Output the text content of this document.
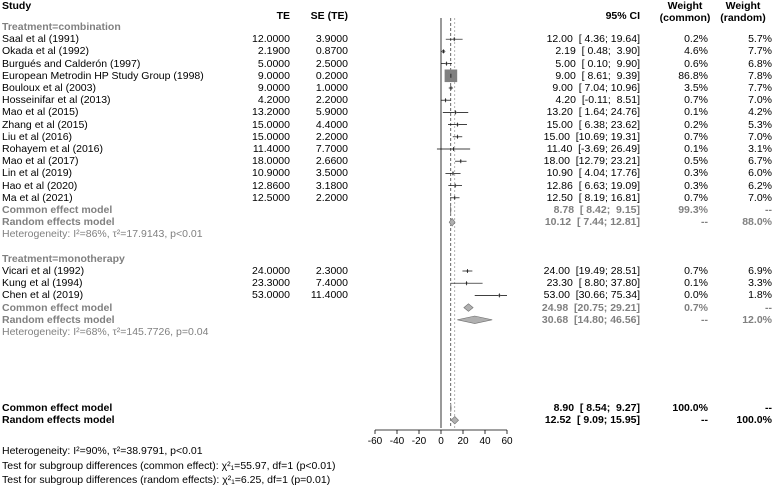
Study
TE	SE (TE)	95% CI
Weight
(common)
Weight
(random)
-60 -40 -20 0 20 40 60
Treatment=combination
Saal et al (1991)	12.0000	3.9000	12.00  [ 4.36; 19.64]	0.2%	5.7%
Okada et al (1992)	2.1900	0.8700	2.19  [ 0.48;  3.90]	4.6%	7.7%
Burgués and Calderón (1997)	5.0000	2.5000	5.00  [ 0.10;  9.90]	0.6%	6.8%
European Metrodin HP Study Group (1998)	9.0000	0.2000	9.00  [ 8.61;  9.39]	86.8%	7.8%
Bouloux et al (2003)	9.0000	1.0000	9.00  [ 7.04; 10.96]	3.5%	7.7%
Hosseinifar et al (2013)	4.2000	2.2000	4.20  [-0.11;  8.51]	0.7%	7.0%
Mao et al (2015)	13.2000	5.9000	13.20  [ 1.64; 24.76]	0.1%	4.2%
Zhang et al (2015)	15.0000	4.4000	15.00  [ 6.38; 23.62]	0.2%	5.3%
Liu et al (2016)	15.0000	2.2000	15.00  [10.69; 19.31]	0.7%	7.0%
Rohayem et al (2016)	11.4000	7.7000	11.40  [-3.69; 26.49]	0.1%	3.1%
Mao et al (2017)	18.0000	2.6600	18.00  [12.79; 23.21]	0.5%	6.7%
Lin et al (2019)	10.9000	3.5000	10.90  [ 4.04; 17.76]	0.3%	6.0%
Hao et al (2020)	12.8600	3.1800	12.86  [ 6.63; 19.09]	0.3%	6.2%
Ma et al (2021)	12.5000	2.2000	12.50  [ 8.19; 16.81]	0.7%	7.0%
Common effect model	8.78  [ 8.42;  9.15]	99.3%	--
Random effects model	10.12  [ 7.44; 12.81]	--	88.0%
Heterogeneity: I²=86%, τ²=17.9143, p<0.01
Treatment=monotherapy
Vicari et al (1992)	24.0000	2.3000	24.00  [19.49; 28.51]	0.7%	6.9%
Kung et al (1994)	23.3000	7.4000	23.30  [ 8.80; 37.80]	0.1%	3.3%
Chen et al (2019)	53.0000	11.4000	53.00  [30.66; 75.34]	0.0%	1.8%
Common effect model	24.98  [20.75; 29.21]	0.7%	--
Random effects model	30.68  [14.80; 46.56]	--	12.0%
Heterogeneity: I²=68%, τ²=145.7726, p=0.04
Common effect model	8.90  [ 8.54;  9.27]	100.0%	--
Random effects model	12.52  [ 9.09; 15.95]	--	100.0%
Heterogeneity: I²=90%, τ²=38.9791, p<0.01
Test for subgroup differences (common effect): χ²₁=55.97, df=1 (p<0.01)
Test for subgroup differences (random effects): χ²₁=6.25, df=1 (p=0.01)
